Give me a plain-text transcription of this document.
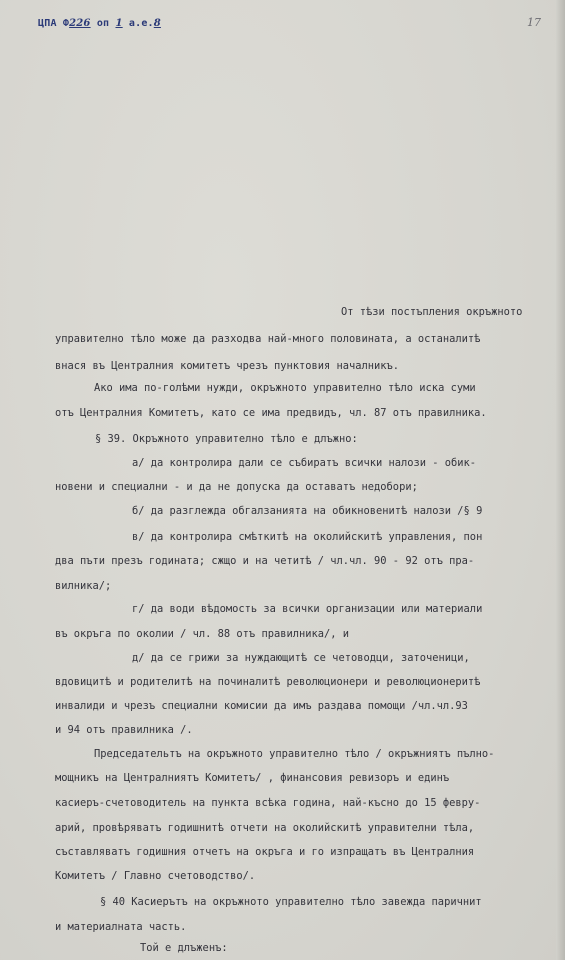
ЦПА Ф226 оп 1 а.е.8	17
От тѣзи постъпления окръжното
управително тѣло може да разходва най-много половината, а останалитѣ
внася въ Централния комитетъ чрезъ пунктовия началникъ.
Ако има по-голѣми нужди, окръжното управително тѣло иска суми
отъ Централния Комитетъ, като се има предвидъ, чл. 87 отъ правилника.
§ 39. Окръжното управително тѣло е длъжно:
а/ да контролира дали се събиратъ всички налози - обик-
новени и специални - и да не допуска да оставатъ недобори;
б/ да разглежда обгалзанията на обикновенитѣ налози /§ 9
в/ да контролира смѣткитѣ на околийскитѣ управления, пон
два пъти презъ годината; сжщо и на четитѣ / чл.чл. 90 - 92 отъ пра-
вилника/;
г/ да води вѣдомость за всички организации или материали
въ окръга по околии / чл. 88 отъ правилника/, и
д/ да се грижи за нуждающитѣ се четоводци, заточеници,
вдовицитѣ и родителитѣ на починалитѣ революционери и революционеритѣ
инвалиди и чрезъ специални комисии да имъ раздава помощи /чл.чл.93
и 94 отъ правилника /.
Председательтъ на окръжното управително тѣло / окръжниятъ пълно-
мощникъ на Централниятъ Комитетъ/ , финансовия ревизоръ и единъ
касиеръ-счетоводитель на пункта всѣка година, най-късно до 15 февру-
арий, провѣряватъ годишнитѣ отчети на околийскитѣ управителни тѣла,
съставляватъ годишния отчетъ на окръга и го изпращатъ въ Централния
Комитетъ / Главно счетоводство/.
§ 40 Касиерътъ на окръжното управително тѣло завежда паричнит
и материалната часть.
Той е длъженъ:
